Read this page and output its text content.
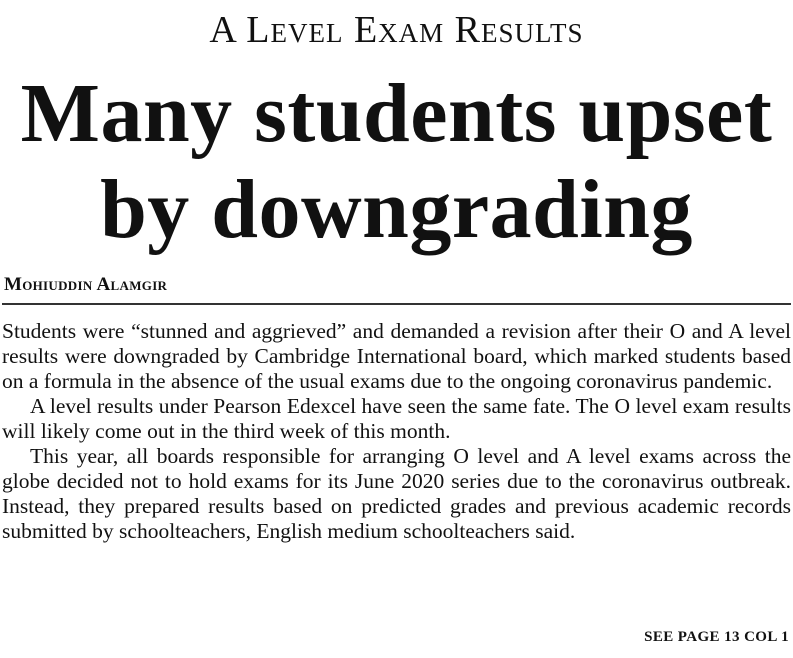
A Level Exam Results
Many students upset
by downgrading
Mohiuddin Alamgir

Students were “stunned and aggrieved” and demanded a revision after their O and A level results were downgraded by Cambridge International board, which marked students based on a formula in the absence of the usual exams due to the ongoing coronavirus pandemic.

A level results under Pearson Edexcel have seen the same fate. The O level exam results will likely come out in the third week of this month.

This year, all boards responsible for arranging O level and A level exams across the globe decided not to hold exams for its June 2020 series due to the coronavirus outbreak. Instead, they prepared results based on predicted grades and previous academic records submitted by schoolteachers, English medium schoolteachers said.

SEE PAGE 13 COL 1
